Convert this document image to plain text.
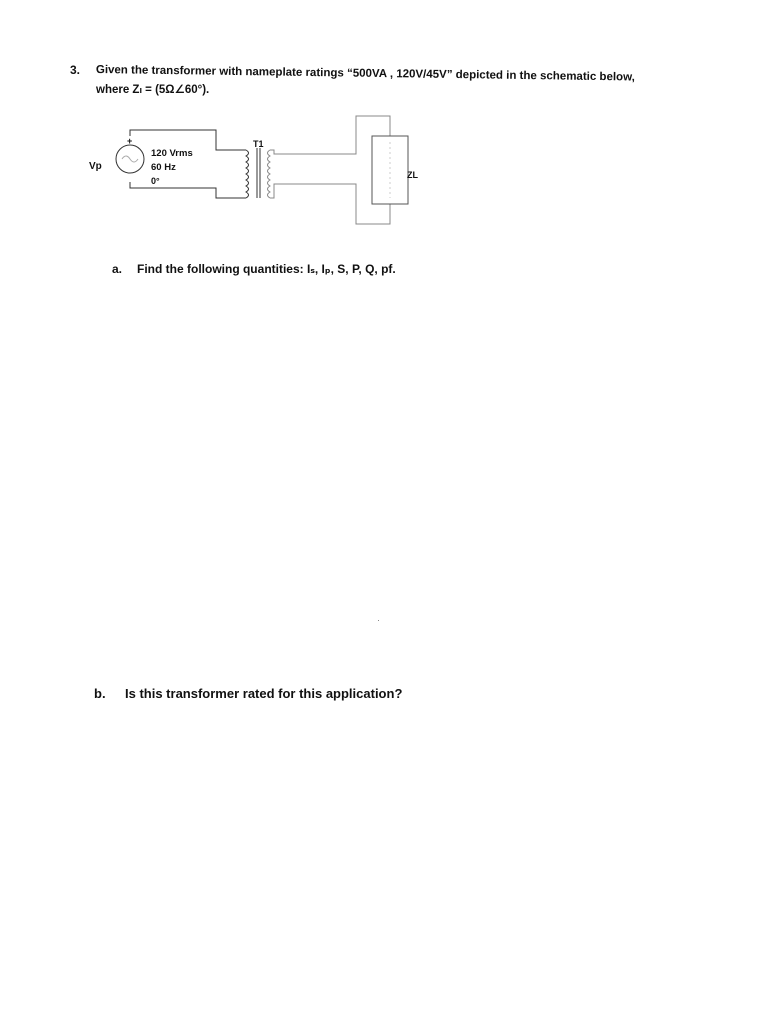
3. Given the transformer with nameplate ratings “500VA , 120V/45V” depicted in the schematic below,
where Zₗ = (5Ω∠60°).
+
Vp
120 Vrms
60 Hz
0°
T1
ZL
a. Find the following quantities: Iₛ, Iₚ, S, P, Q, pf.
b. Is this transformer rated for this application?
